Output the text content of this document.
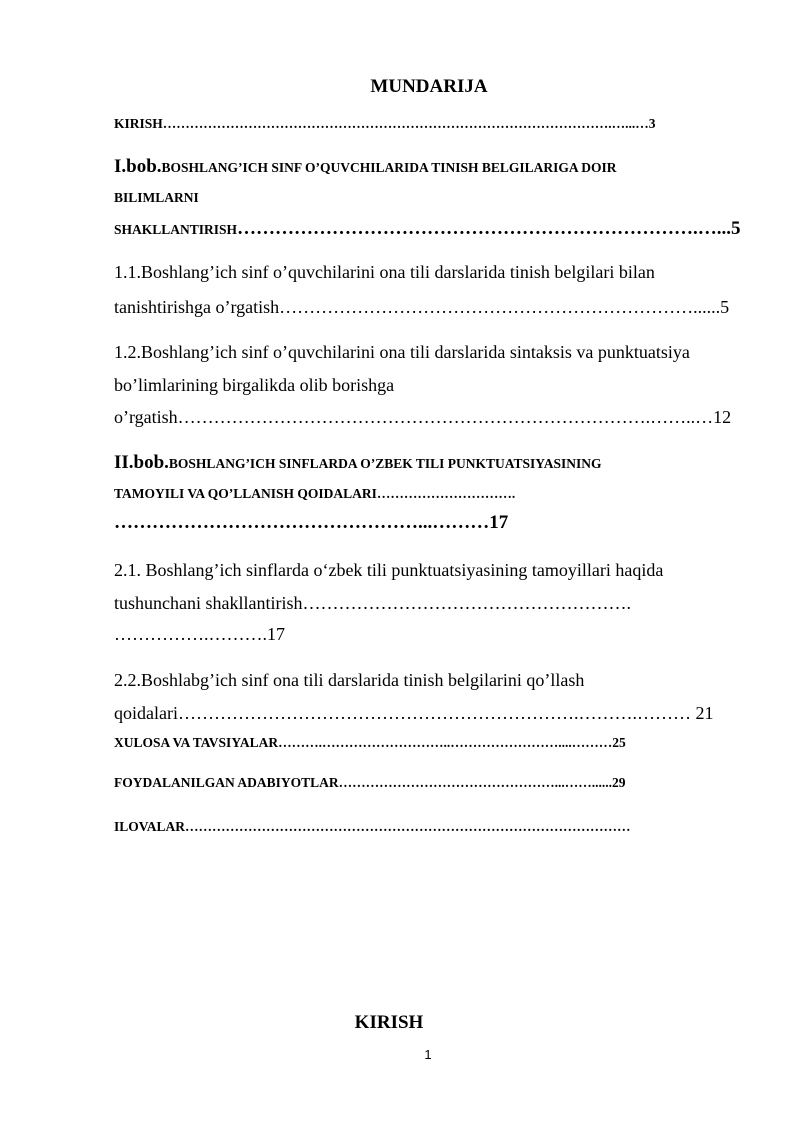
MUNDARIJA
KIRISH……………………………………………………………………………………….…...…3
I.bob.BOSHLANG’ICH SINF O’QUVCHILARIDA TINISH BELGILARIGA DOIR
BILIMLARNI
SHAKLLANTIRISH……………………………………………………………….…...5
1.1.Boshlang’ich sinf o’quvchilarini ona tili darslarida tinish belgilari bilan
tanishtirishga o’rgatish……………………………………………………………......5
1.2.Boshlang’ich sinf o’quvchilarini ona tili darslarida sintaksis va punktuatsiya
bo’limlarining birgalikda olib borishga
o’rgatish…………………………………………………………………….……..…12
II.bob.BOSHLANG’ICH SINFLARDA O’ZBEK TILI PUNKTUATSIYASINING
TAMOYILI VA QO’LLANISH QOIDALARI………………………….
…………………………………………...………17
2.1. Boshlang’ich sinflarda o‘zbek tili punktuatsiyasining tamoyillari haqida
tushunchani shakllantirish……………………………………………….
…………….……….17
2.2.Boshlabg’ich sinf ona tili darslarida tinish belgilarini qo’llash
qoidalari………………………………………………………….……….……… 21
XULOSA VA TAVSIYALAR……….………………………..……………………....………25
FOYDALANILGAN ADABIYOTLAR…………………………………………...……......29
ILOVALAR………………………………………………………………………………………
KIRISH
1
